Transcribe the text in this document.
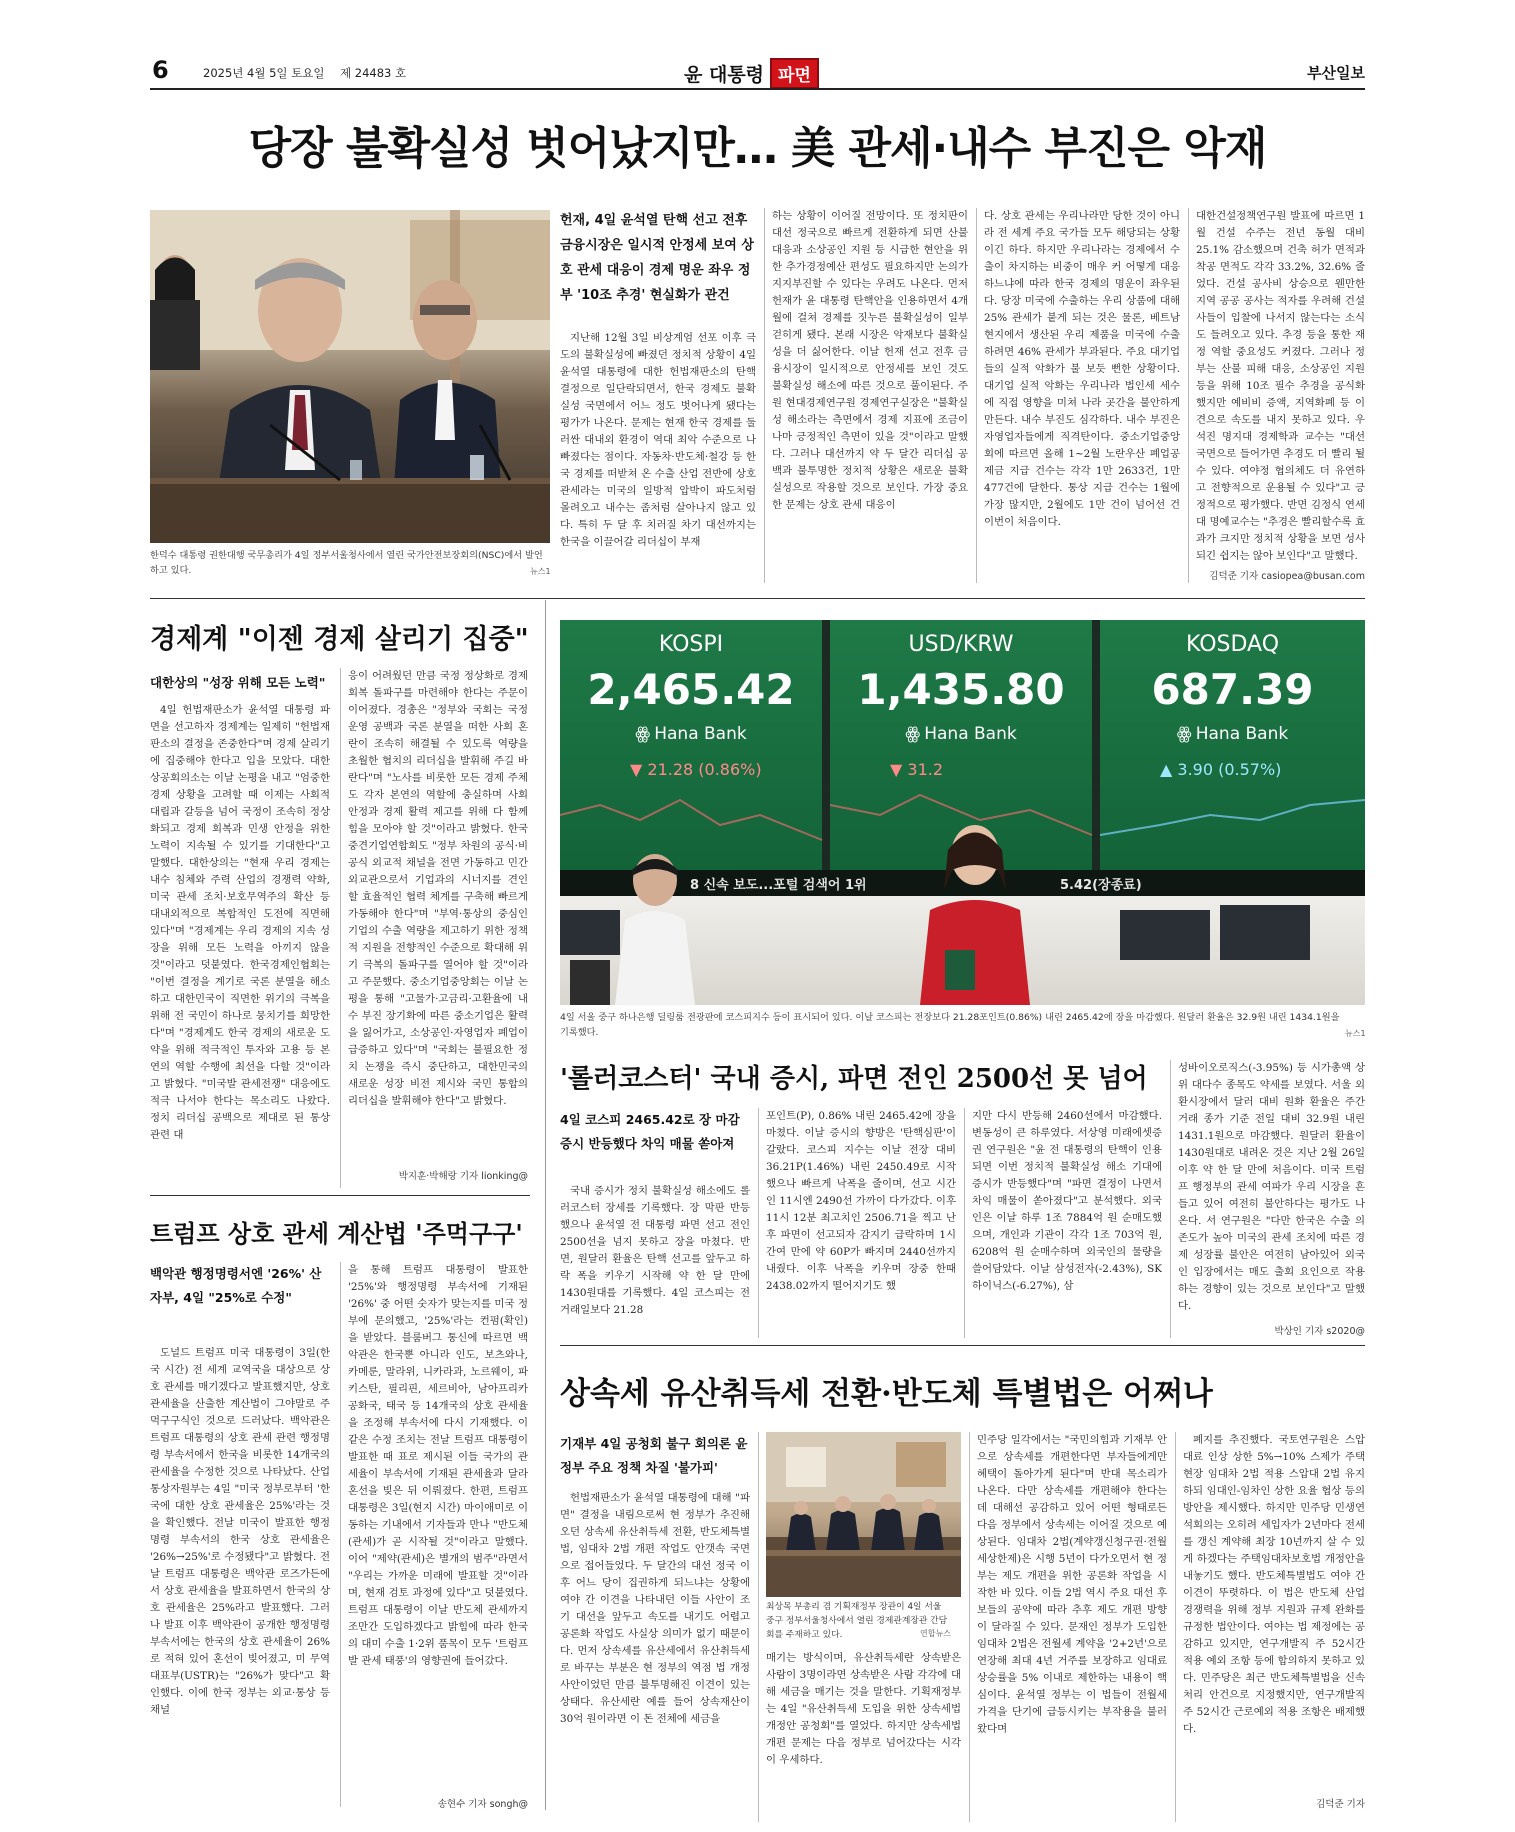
6	2025년 4월 5일 토요일 제 24483 호	윤 대통령 파면	부산일보
당장 불확실성 벗어났지만… 美 관세·내수 부진은 악재
한덕수 대통령 권한대행 국무총리가 4일 정부서울청사에서 열린 국가안전보장회의(NSC)에서 발언하고 있다.	뉴스1
헌재, 4일 윤석열 탄핵 선고 전후 금융시장은 일시적 안정세 보여 상호 관세 대응이 경제 명운 좌우 정부 '10조 추경' 현실화가 관건
지난해 12월 3일 비상계엄 선포 이후 극도의 불확실성에 빠졌던 정치적 상황이 4일 윤석열 대통령에 대한 헌법재판소의 탄핵 결정으로 일단락되면서, 한국 경제도 불확실성 국면에서 어느 정도 벗어나게 됐다는 평가가 나온다. 문제는 현재 한국 경제를 둘러싼 대내외 환경이 역대 최악 수준으로 나빠졌다는 점이다. 자동차·반도체·철강 등 한국 경제를 떠받쳐 온 수출 산업 전반에 상호 관세라는 미국의 일방적 압박이 파도처럼 몰려오고 내수는 좀처럼 살아나지 않고 있다. 특히 두 달 후 치러질 차기 대선까지는 한국을 이끌어갈 리더십이 부재
하는 상황이 이어질 전망이다. 또 정치판이 대선 정국으로 빠르게 전환하게 되면 산불 대응과 소상공인 지원 등 시급한 현안을 위한 추가경정예산 편성도 필요하지만 논의가 지지부진할 수 있다는 우려도 나온다. 먼저 헌재가 윤 대통령 탄핵안을 인용하면서 4개월에 걸쳐 경제를 짓누른 불확실성이 일부 걷히게 됐다. 본래 시장은 악재보다 불확실성을 더 싫어한다. 이날 헌재 선고 전후 금융시장이 일시적으로 안정세를 보인 것도 불확실성 해소에 따른 것으로 풀이된다. 주원 현대경제연구원 경제연구실장은 "불확실성 해소라는 측면에서 경제 지표에 조금이나마 긍정적인 측면이 있을 것"이라고 말했다. 그러나 대선까지 약 두 달간 리더십 공백과 불투명한 정치적 상황은 새로운 불확실성으로 작용할 것으로 보인다. 가장 중요한 문제는 상호 관세 대응이
다. 상호 관세는 우리나라만 당한 것이 아니라 전 세계 주요 국가들 모두 해당되는 상황이긴 하다. 하지만 우리나라는 경제에서 수출이 차지하는 비중이 매우 커 어떻게 대응하느냐에 따라 한국 경제의 명운이 좌우된다. 당장 미국에 수출하는 우리 상품에 대해 25% 관세가 붙게 되는 것은 물론, 베트남 현지에서 생산된 우리 제품을 미국에 수출하려면 46% 관세가 부과된다. 주요 대기업들의 실적 악화가 불 보듯 뻔한 상황이다. 대기업 실적 악화는 우리나라 법인세 세수에 직접 영향을 미쳐 나라 곳간을 불안하게 만든다. 내수 부진도 심각하다. 내수 부진은 자영업자들에게 직격탄이다. 중소기업중앙회에 따르면 올해 1~2월 노란우산 폐업공제금 지급 건수는 각각 1만 2633건, 1만 477건에 달한다. 통상 지급 건수는 1월에 가장 많지만, 2월에도 1만 건이 넘어선 건 이번이 처음이다.
대한건설정책연구원 발표에 따르면 1월 건설 수주는 전년 동월 대비 25.1% 감소했으며 건축 허가 면적과 착공 면적도 각각 33.2%, 32.6% 줄었다. 건설 공사비 상승으로 웬만한 지역 공공 공사는 적자를 우려해 건설사들이 입찰에 나서지 않는다는 소식도 들려오고 있다. 추경 등을 통한 재정 역할 중요성도 커졌다. 그러나 정부는 산불 피해 대응, 소상공인 지원 등을 위해 10조 필수 추경을 공식화했지만 예비비 증액, 지역화폐 등 이견으로 속도를 내지 못하고 있다. 우석진 명지대 경제학과 교수는 "대선 국면으로 들어가면 추경도 더 빨리 될 수 있다. 여야정 협의체도 더 유연하고 전향적으로 운용될 수 있다"고 긍정적으로 평가했다. 반면 김정식 연세대 명예교수는 "추경은 빨리할수록 효과가 크지만 정치적 상황을 보면 성사되긴 쉽지는 않아 보인다"고 말했다.
김덕준 기자 casiopea@busan.com
경제계 "이젠 경제 살리기 집중"
대한상의 "성장 위해 모든 노력"
4일 헌법재판소가 윤석열 대통령 파면을 선고하자 경제계는 일제히 "헌법재판소의 결정을 존중한다"며 경제 살리기에 집중해야 한다고 입을 모았다. 대한상공회의소는 이날 논평을 내고 "엄중한 경제 상황을 고려할 때 이제는 사회적 대립과 갈등을 넘어 국정이 조속히 정상화되고 경제 회복과 민생 안정을 위한 노력이 지속될 수 있기를 기대한다"고 말했다. 대한상의는 "현재 우리 경제는 내수 침체와 주력 산업의 경쟁력 약화, 미국 관세 조치·보호무역주의 확산 등 대내외적으로 복합적인 도전에 직면해 있다"며 "경제계는 우리 경제의 지속 성장을 위해 모든 노력을 아끼지 않을 것"이라고 덧붙였다. 한국경제인협회는 "이번 결정을 계기로 국론 분열을 해소하고 대한민국이 직면한 위기의 극복을 위해 전 국민이 하나로 뭉치기를 희망한다"며 "경제계도 한국 경제의 새로운 도약을 위해 적극적인 투자와 고용 등 본연의 역할 수행에 최선을 다할 것"이라고 밝혔다. "미국발 관세전쟁" 대응에도 적극 나서야 한다는 목소리도 나왔다. 정치 리더십 공백으로 제대로 된 통상 관련 대
응이 어려웠던 만큼 국정 정상화로 경제 회복 돌파구를 마련해야 한다는 주문이 이어졌다. 경총은 "정부와 국회는 국정 운영 공백과 국론 분열을 떠한 사회 혼란이 조속히 해결될 수 있도록 역량을 초월한 협치의 리더십을 발휘해 주길 바란다"며 "노사를 비롯한 모든 경제 주체도 각자 본연의 역할에 충실하며 사회 안정과 경제 활력 제고를 위해 다 함께 힘을 모아야 할 것"이라고 밝혔다. 한국중견기업연합회도 "정부 차원의 공식·비공식 외교적 채널을 전면 가동하고 민간 외교관으로서 기업과의 시너지를 견인할 효율적인 협력 체계를 구축해 빠르게 가동해야 한다"며 "부역·통상의 중심인 기업의 수출 역량을 제고하기 위한 정책적 지원을 전향적인 수준으로 확대해 위기 극복의 돌파구를 열어야 할 것"이라고 주문했다. 중소기업중앙회는 이날 논평을 통해 "고물가·고금리·고환율에 내수 부진 장기화에 따른 중소기업은 활력을 잃어가고, 소상공인·자영업자 폐업이 급증하고 있다"며 "국회는 불필요한 정치 논쟁을 즉시 중단하고, 대한민국의 새로운 성장 비전 제시와 국민 통합의 리더십을 발휘해야 한다"고 밝혔다.
박지훈·박해랑 기자 lionking@
트럼프 상호 관세 계산법 '주먹구구'
백악관 행정명령서엔 '26%' 산자부, 4일 "25%로 수정"
도널드 트럼프 미국 대통령이 3일(한국 시간) 전 세계 교역국을 대상으로 상호 관세를 매기겠다고 발표했지만, 상호 관세율을 산출한 계산법이 그야말로 주먹구구식인 것으로 드러났다. 백악관은 트럼프 대통령의 상호 관세 관련 행정명령 부속서에서 한국을 비롯한 14개국의 관세율을 수정한 것으로 나타났다. 산업통상자원부는 4일 "미국 정부로부터 '한국에 대한 상호 관세율은 25%'라는 것을 확인했다. 전날 미국이 발표한 행정명령 부속서의 한국 상호 관세율은 '26%→25%'로 수정됐다"고 밝혔다. 전날 트럼프 대통령은 백악관 로즈가든에서 상호 관세율을 발표하면서 한국의 상호 관세율은 25%라고 발표했다. 그러나 발표 이후 백악관이 공개한 행정명령 부속서에는 한국의 상호 관세율이 26%로 적혀 있어 혼선이 빚어졌고, 미 무역대표부(USTR)는 "26%가 맞다"고 확인했다. 이에 한국 정부는 외교·통상 등 채널
을 통해 트럼프 대통령이 발표한 '25%'와 행정명령 부속서에 기재된 '26%' 중 어떤 숫자가 맞는지를 미국 정부에 문의했고, '25%'라는 컨펌(확인)을 받았다. 블룸버그 통신에 따르면 백악관은 한국뿐 아니라 인도, 보츠와나, 카메룬, 말라위, 니카라과, 노르웨이, 파키스탄, 필리핀, 세르비아, 남아프리카공화국, 태국 등 14개국의 상호 관세율을 조정해 부속서에 다시 기재했다. 이 같은 수정 조치는 전날 트럼프 대통령이 발표한 때 표로 제시된 이들 국가의 관세율이 부속서에 기재된 관세율과 달라 혼선을 빚은 뒤 이뤄졌다. 한편, 트럼프 대통령은 3일(현지 시간) 마이애미로 이동하는 기내에서 기자들과 만나 "반도체(관세)가 곧 시작될 것"이라고 말했다. 이어 "제약(관세)은 별개의 범주"라면서 "우리는 가까운 미래에 발표할 것"이라며, 현재 검토 과정에 있다"고 덧붙였다. 트럼프 대통령이 이날 반도체 관세까지 조만간 도입하겠다고 밝힘에 따라 한국의 대미 수출 1·2위 품목이 모두 '트럼프발 관세 태풍'의 영향권에 들어갔다.
송현수 기자 songh@
KOSPI
2,465.42
ꙮ Hana Bank
▼ 21.28 (0.86%)
USD/KRW
1,435.80
ꙮ Hana Bank
▼ 31.2
KOSDAQ
687.39
ꙮ Hana Bank
▲ 3.90 (0.57%)
8 신속 보도...포털 검색어 1위	5.42(장종료)
4일 서울 중구 하나은행 딜링룸 전광판에 코스피지수 등이 표시되어 있다. 이날 코스피는 전장보다 21.28포인트(0.86%) 내린 2465.42에 장을 마감했다. 원달러 환율은 32.9원 내린 1434.1원을 기록했다.	뉴스1
'롤러코스터' 국내 증시, 파면 전인 2500선 못 넘어
4일 코스피 2465.42로 장 마감 증시 반등했다 차익 매물 쏟아져
국내 증시가 정치 불확실성 해소에도 롤러코스터 장세를 기록했다. 장 막판 반등했으나 윤석열 전 대통령 파면 선고 전인 2500선을 넘지 못하고 장을 마쳤다. 반면, 원달러 환율은 탄핵 선고를 앞두고 하락 폭을 키우기 시작해 약 한 달 만에 1430원대를 기록했다. 4일 코스피는 전 거래일보다 21.28
포인트(P), 0.86% 내린 2465.42에 장을 마쳤다. 이날 증시의 향방은 '탄핵심판'이 갈랐다. 코스피 지수는 이날 전장 대비 36.21P(1.46%) 내린 2450.49로 시작했으나 빠르게 낙폭을 줄이며, 선고 시간인 11시엔 2490선 가까이 다가갔다. 이후 11시 12분 최고치인 2506.71을 찍고 난 후 파면이 선고되자 감지기 급락하며 1시간여 만에 약 60P가 빠지며 2440선까지 내줬다. 이후 낙폭을 키우며 장중 한때 2438.02까지 떨어지기도 했
지만 다시 반등해 2460선에서 마감했다. 변동성이 큰 하루였다. 서상영 미래에셋증권 연구원은 "윤 전 대통령의 탄핵이 인용되면 이번 정치적 불확실성 해소 기대에 증시가 반등했다"며 "파면 결정이 나면서 차익 매물이 쏟아졌다"고 분석했다. 외국인은 이날 하루 1조 7884억 원 순매도했으며, 개인과 기관이 각각 1조 703억 원, 6208억 원 순매수하며 외국인의 물량을 쓸어담았다. 이날 삼성전자(-2.43%), SK하이닉스(-6.27%), 삼
성바이오로직스(-3.95%) 등 시가총액 상위 대다수 종목도 약세를 보였다. 서울 외환시장에서 달러 대비 원화 환율은 주간 거래 종가 기준 전일 대비 32.9원 내린 1431.1원으로 마감했다. 원달러 환율이 1430원대로 내려온 것은 지난 2월 26일 이후 약 한 달 만에 처음이다. 미국 트럼프 행정부의 관세 여파가 우리 시장을 흔들고 있어 여전히 불안하다는 평가도 나온다. 서 연구원은 "다만 한국은 수출 의존도가 높아 미국의 관세 조치에 따른 경제 성장률 불안은 여전히 남아있어 외국인 입장에서는 매도 출회 요인으로 작용하는 경향이 있는 것으로 보인다"고 말했다.
박상인 기자 s2020@
상속세 유산취득세 전환·반도체 특별법은 어쩌나
기재부 4일 공청회 불구 회의론 윤 정부 주요 정책 차질 '불가피'
헌법재판소가 윤석열 대통령에 대해 "파면" 결정을 내림으로써 현 정부가 추진해 오던 상속세 유산취득세 전환, 반도체특별법, 임대차 2법 개편 작업도 안갯속 국면으로 접어들었다. 두 달간의 대선 정국 이후 어느 당이 집권하게 되느냐는 상황에 여야 간 이견을 나타내던 이들 사안이 조기 대선을 앞두고 속도를 내기도 어렵고 공론화 작업도 사실상 의미가 없기 때문이다. 먼저 상속세를 유산세에서 유산취득세로 바꾸는 부분은 현 정부의 역점 법 개정 사안이었던 만큼 불투명해진 이견이 있는 상태다. 유산세란 예를 들어 상속재산이 30억 원이라면 이 돈 전체에 세금을
최상목 부총리 겸 기획재정부 장관이 4일 서울 중구 정부서울청사에서 열린 경제관계장관 간담회를 주재하고 있다.	연합뉴스
매기는 방식이며, 유산취득세란 상속받은 사람이 3명이라면 상속받은 사람 각각에 대해 세금을 매기는 것을 말한다. 기획재정부는 4일 "유산취득세 도입을 위한 상속세법 개정안 공청회"를 열었다. 하지만 상속세법 개편 문제는 다음 정부로 넘어갔다는 시각이 우세하다.
민주당 일각에서는 "국민의힘과 기재부 안으로 상속세를 개편한다면 부자들에게만 혜택이 돌아가게 된다"며 반대 목소리가 나온다. 다만 상속세를 개편해야 한다는 데 대해선 공감하고 있어 어떤 형태로든 다음 정부에서 상속세는 이어질 것으로 예상된다. 임대차 2법(계약갱신청구권·전월세상한제)은 시행 5년이 다가오면서 현 정부는 제도 개편을 위한 공론화 작업을 시작한 바 있다. 이들 2법 역시 주요 대선 후보들의 공약에 따라 추후 제도 개편 방향이 달라질 수 있다. 문재인 정부가 도입한 임대차 2법은 전월세 계약을 '2+2년'으로 연장해 최대 4년 거주를 보장하고 임대료 상승률을 5% 이내로 제한하는 내용이 핵심이다. 윤석열 정부는 이 법들이 전월세 가격을 단기에 급등시키는 부작용을 불러왔다며
폐지를 추진했다. 국토연구원은 스압대료 인상 상한 5%→10% 스제가 주택 현장 임대차 2법 적용 스압대 2법 유지하되 임대인-임차인 상한 요율 협상 등의 방안을 제시했다. 하지만 민주당 민생연석회의는 오히려 세입자가 2년마다 전세를 갱신 계약해 최장 10년까지 살 수 있게 하겠다는 주택임대차보호법 개정안을 내놓기도 했다. 반도체특별법도 여야 간 이견이 뚜렷하다. 이 법은 반도체 산업 경쟁력을 위해 정부 지원과 규제 완화를 규정한 법안이다. 여야는 법 제정에는 공감하고 있지만, 연구개발직 주 52시간 적용 예외 조항 등에 합의하지 못하고 있다. 민주당은 최근 반도체특별법을 신속처리 안건으로 지정했지만, 연구개발직 주 52시간 근로예외 적용 조항은 배제했다.
김덕준 기자
